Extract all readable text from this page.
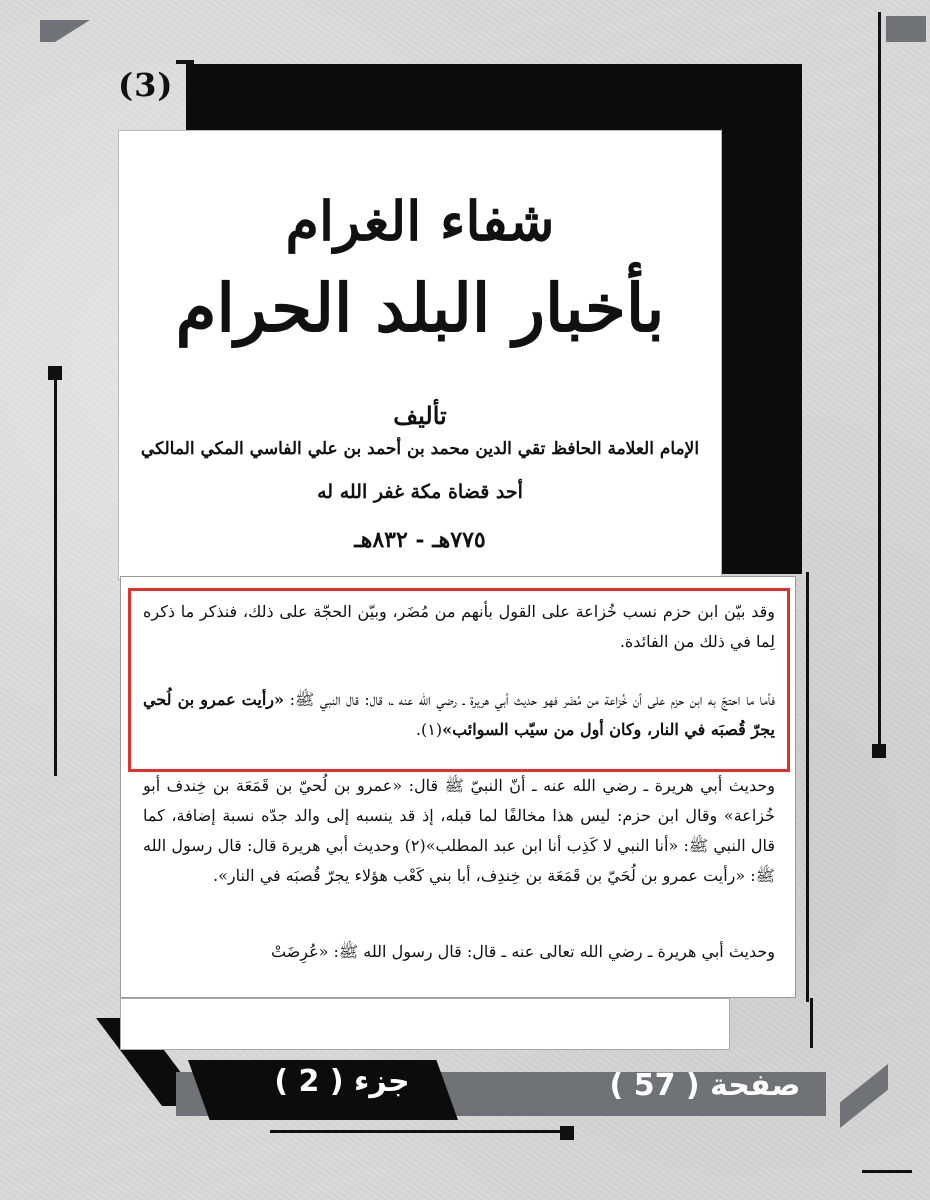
(3)
شفاء الغرام
بأخبار البلد الحرام
تأليف
الإمام العلامة الحافظ تقي الدين محمد بن أحمد بن علي الفاسي المكي المالكي
أحد قضاة مكة غفر الله له
٧٧٥هـ - ٨٣٢هـ
وقد بيّن ابن حزم نسب خُزاعة على القول بأنهم من مُضَر، وبيّن الحجّة على ذلك، فنذكر ما ذكره لِما في ذلك من الفائدة.
فأما ما احتجّ به ابن حزم على أن خُزاعة من مُضَر فهو حديث أبي هريرة ـ رضي الله عنه ـ، قال: قال النبي ﷺ: «رأيت عمرو بن لُحي يجرّ قُصبَه في النار، وكان أول من سيّب السوائب»(١).
وحديث أبي هريرة ـ رضي الله عنه ـ أنّ النبيّ ﷺ قال: «عمرو بن لُحيّ بن قَمَعَة بن خِندف أبو خُزاعة» وقال ابن حزم: ليس هذا مخالفًا لما قبله، إذ قد ينسبه إلى والد جدّه نسبة إضافة، كما قال النبي ﷺ: «أنا النبي لا كَذِب أنا ابن عبد المطلب»(٢) وحديث أبي هريرة قال: قال رسول الله ﷺ: «رأيت عمرو بن لُحَيّ بن قَمَعَة بن خِندِف، أبا بني كَعْب هؤلاء يجرّ قُصبَه في النار».
وحديث أبي هريرة ـ رضي الله تعالى عنه ـ قال: قال رسول الله ﷺ: «عُرِضَتْ
جزء ( 2 )	صفحة ( 57 )
